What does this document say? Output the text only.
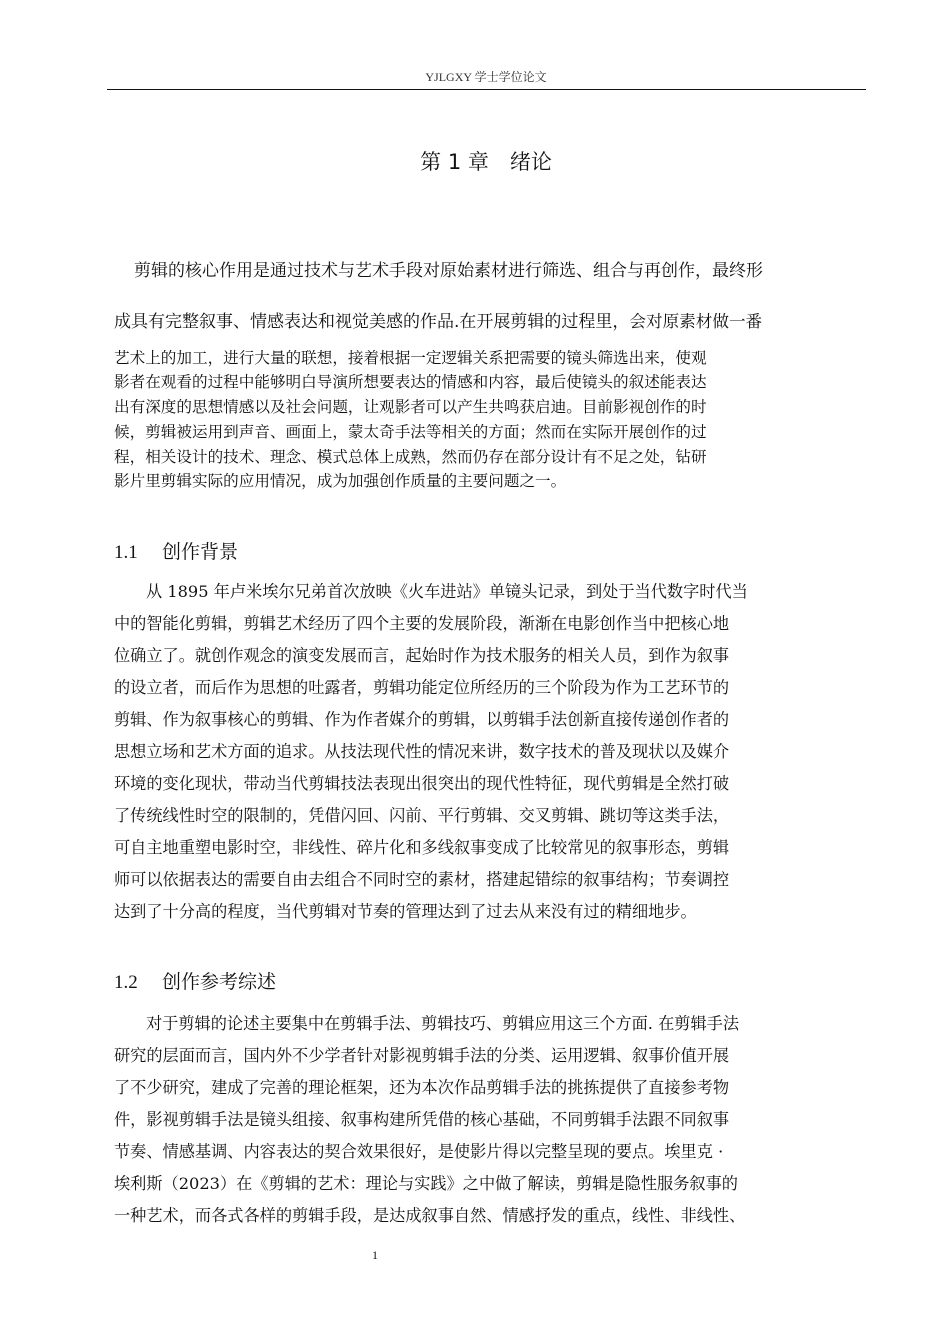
YJLGXY 学士学位论文
第 1 章　绪论
剪辑的核心作用是通过技术与艺术手段对原始素材进行筛选、组合与再创作，最终形
成具有完整叙事、情感表达和视觉美感的作品.在开展剪辑的过程里，会对原素材做一番
艺术上的加工，进行大量的联想，接着根据一定逻辑关系把需要的镜头筛选出来，使观
影者在观看的过程中能够明白导演所想要表达的情感和内容，最后使镜头的叙述能表达
出有深度的思想情感以及社会问题，让观影者可以产生共鸣获启迪。目前影视创作的时
候，剪辑被运用到声音、画面上，蒙太奇手法等相关的方面；然而在实际开展创作的过
程，相关设计的技术、理念、模式总体上成熟，然而仍存在部分设计有不足之处，钻研
影片里剪辑实际的应用情况，成为加强创作质量的主要问题之一。
1.1 创作背景
从 1895 年卢米埃尔兄弟首次放映《火车进站》单镜头记录，到处于当代数字时代当
中的智能化剪辑，剪辑艺术经历了四个主要的发展阶段，渐渐在电影创作当中把核心地
位确立了。就创作观念的演变发展而言，起始时作为技术服务的相关人员，到作为叙事
的设立者，而后作为思想的吐露者，剪辑功能定位所经历的三个阶段为作为工艺环节的
剪辑、作为叙事核心的剪辑、作为作者媒介的剪辑，以剪辑手法创新直接传递创作者的
思想立场和艺术方面的追求。从技法现代性的情况来讲，数字技术的普及现状以及媒介
环境的变化现状，带动当代剪辑技法表现出很突出的现代性特征，现代剪辑是全然打破
了传统线性时空的限制的，凭借闪回、闪前、平行剪辑、交叉剪辑、跳切等这类手法，
可自主地重塑电影时空，非线性、碎片化和多线叙事变成了比较常见的叙事形态，剪辑
师可以依据表达的需要自由去组合不同时空的素材，搭建起错综的叙事结构；节奏调控
达到了十分高的程度，当代剪辑对节奏的管理达到了过去从来没有过的精细地步。
1.2 创作参考综述
对于剪辑的论述主要集中在剪辑手法、剪辑技巧、剪辑应用这三个方面. 在剪辑手法
研究的层面而言，国内外不少学者针对影视剪辑手法的分类、运用逻辑、叙事价值开展
了不少研究，建成了完善的理论框架，还为本次作品剪辑手法的挑拣提供了直接参考物
件，影视剪辑手法是镜头组接、叙事构建所凭借的核心基础，不同剪辑手法跟不同叙事
节奏、情感基调、内容表达的契合效果很好，是使影片得以完整呈现的要点。埃里克 ·
埃利斯（2023）在《剪辑的艺术：理论与实践》之中做了解读，剪辑是隐性服务叙事的
一种艺术，而各式各样的剪辑手段，是达成叙事自然、情感抒发的重点，线性、非线性、
1
